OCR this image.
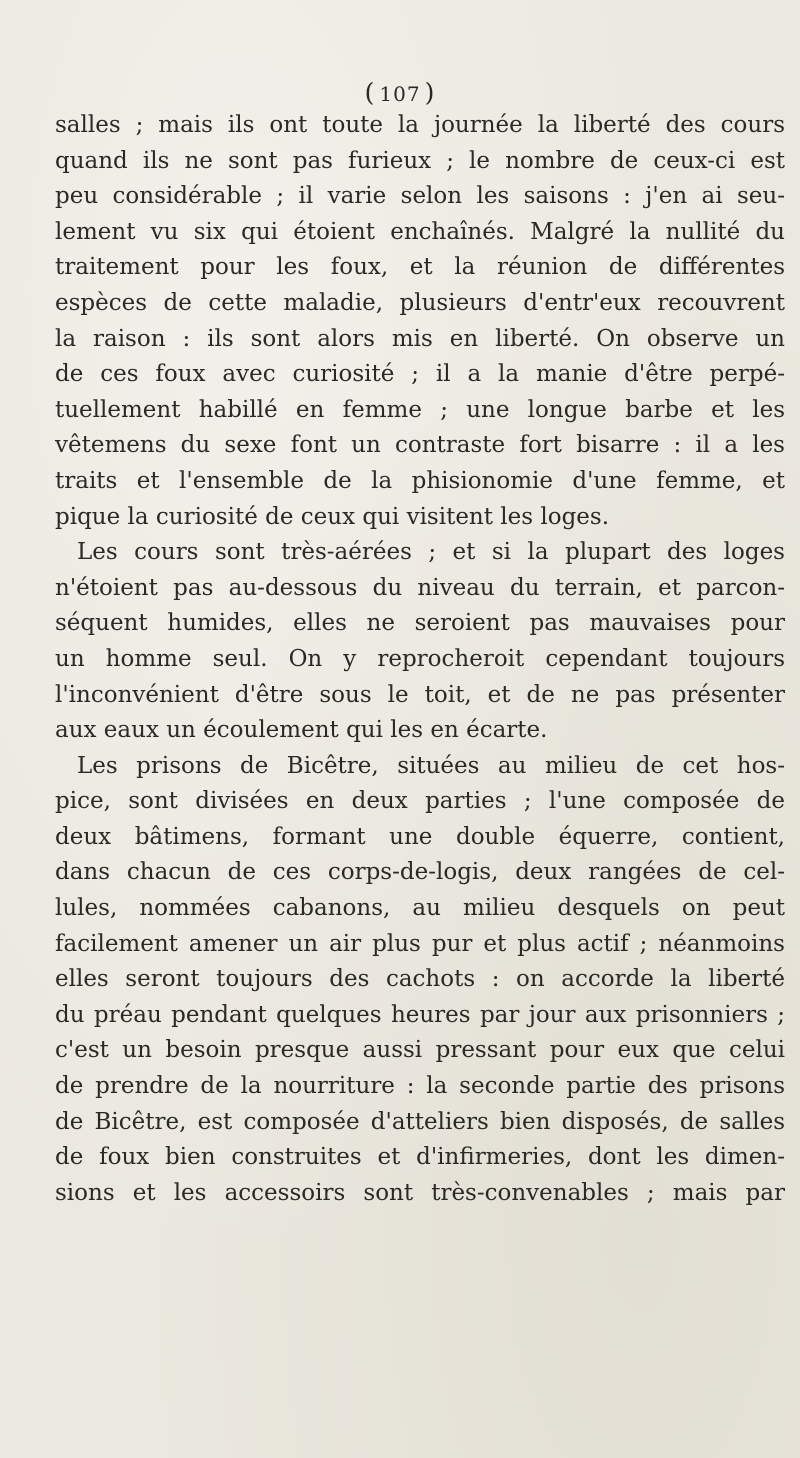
( 107 )
salles ; mais ils ont toute la journée la liberté des cours
quand ils ne sont pas furieux ; le nombre de ceux-ci est
peu considérable ; il varie selon les saisons : j'en ai seu-
lement vu six qui étoient enchaînés. Malgré la nullité du
traitement pour les foux, et la réunion de différentes
espèces de cette maladie, plusieurs d'entr'eux recouvrent
la raison : ils sont alors mis en liberté. On observe un
de ces foux avec curiosité ; il a la manie d'être perpé-
tuellement habillé en femme ; une longue barbe et les
vêtemens du sexe font un contraste fort bisarre : il a les
traits et l'ensemble de la phisionomie d'une femme, et
pique la curiosité de ceux qui visitent les loges.
Les cours sont très-aérées ; et si la plupart des loges
n'étoient pas au-dessous du niveau du terrain, et parcon-
séquent humides, elles ne seroient pas mauvaises pour
un homme seul. On y reprocheroit cependant toujours
l'inconvénient d'être sous le toit, et de ne pas présenter
aux eaux un écoulement qui les en écarte.
Les prisons de Bicêtre, situées au milieu de cet hos-
pice, sont divisées en deux parties ; l'une composée de
deux bâtimens, formant une double équerre, contient,
dans chacun de ces corps-de-logis, deux rangées de cel-
lules, nommées cabanons, au milieu desquels on peut
facilement amener un air plus pur et plus actif ; néanmoins
elles seront toujours des cachots : on accorde la liberté
du préau pendant quelques heures par jour aux prisonniers ;
c'est un besoin presque aussi pressant pour eux que celui
de prendre de la nourriture : la seconde partie des prisons
de Bicêtre, est composée d'atteliers bien disposés, de salles
de foux bien construites et d'infirmeries, dont les dimen-
sions et les accessoirs sont très-convenables ; mais par
